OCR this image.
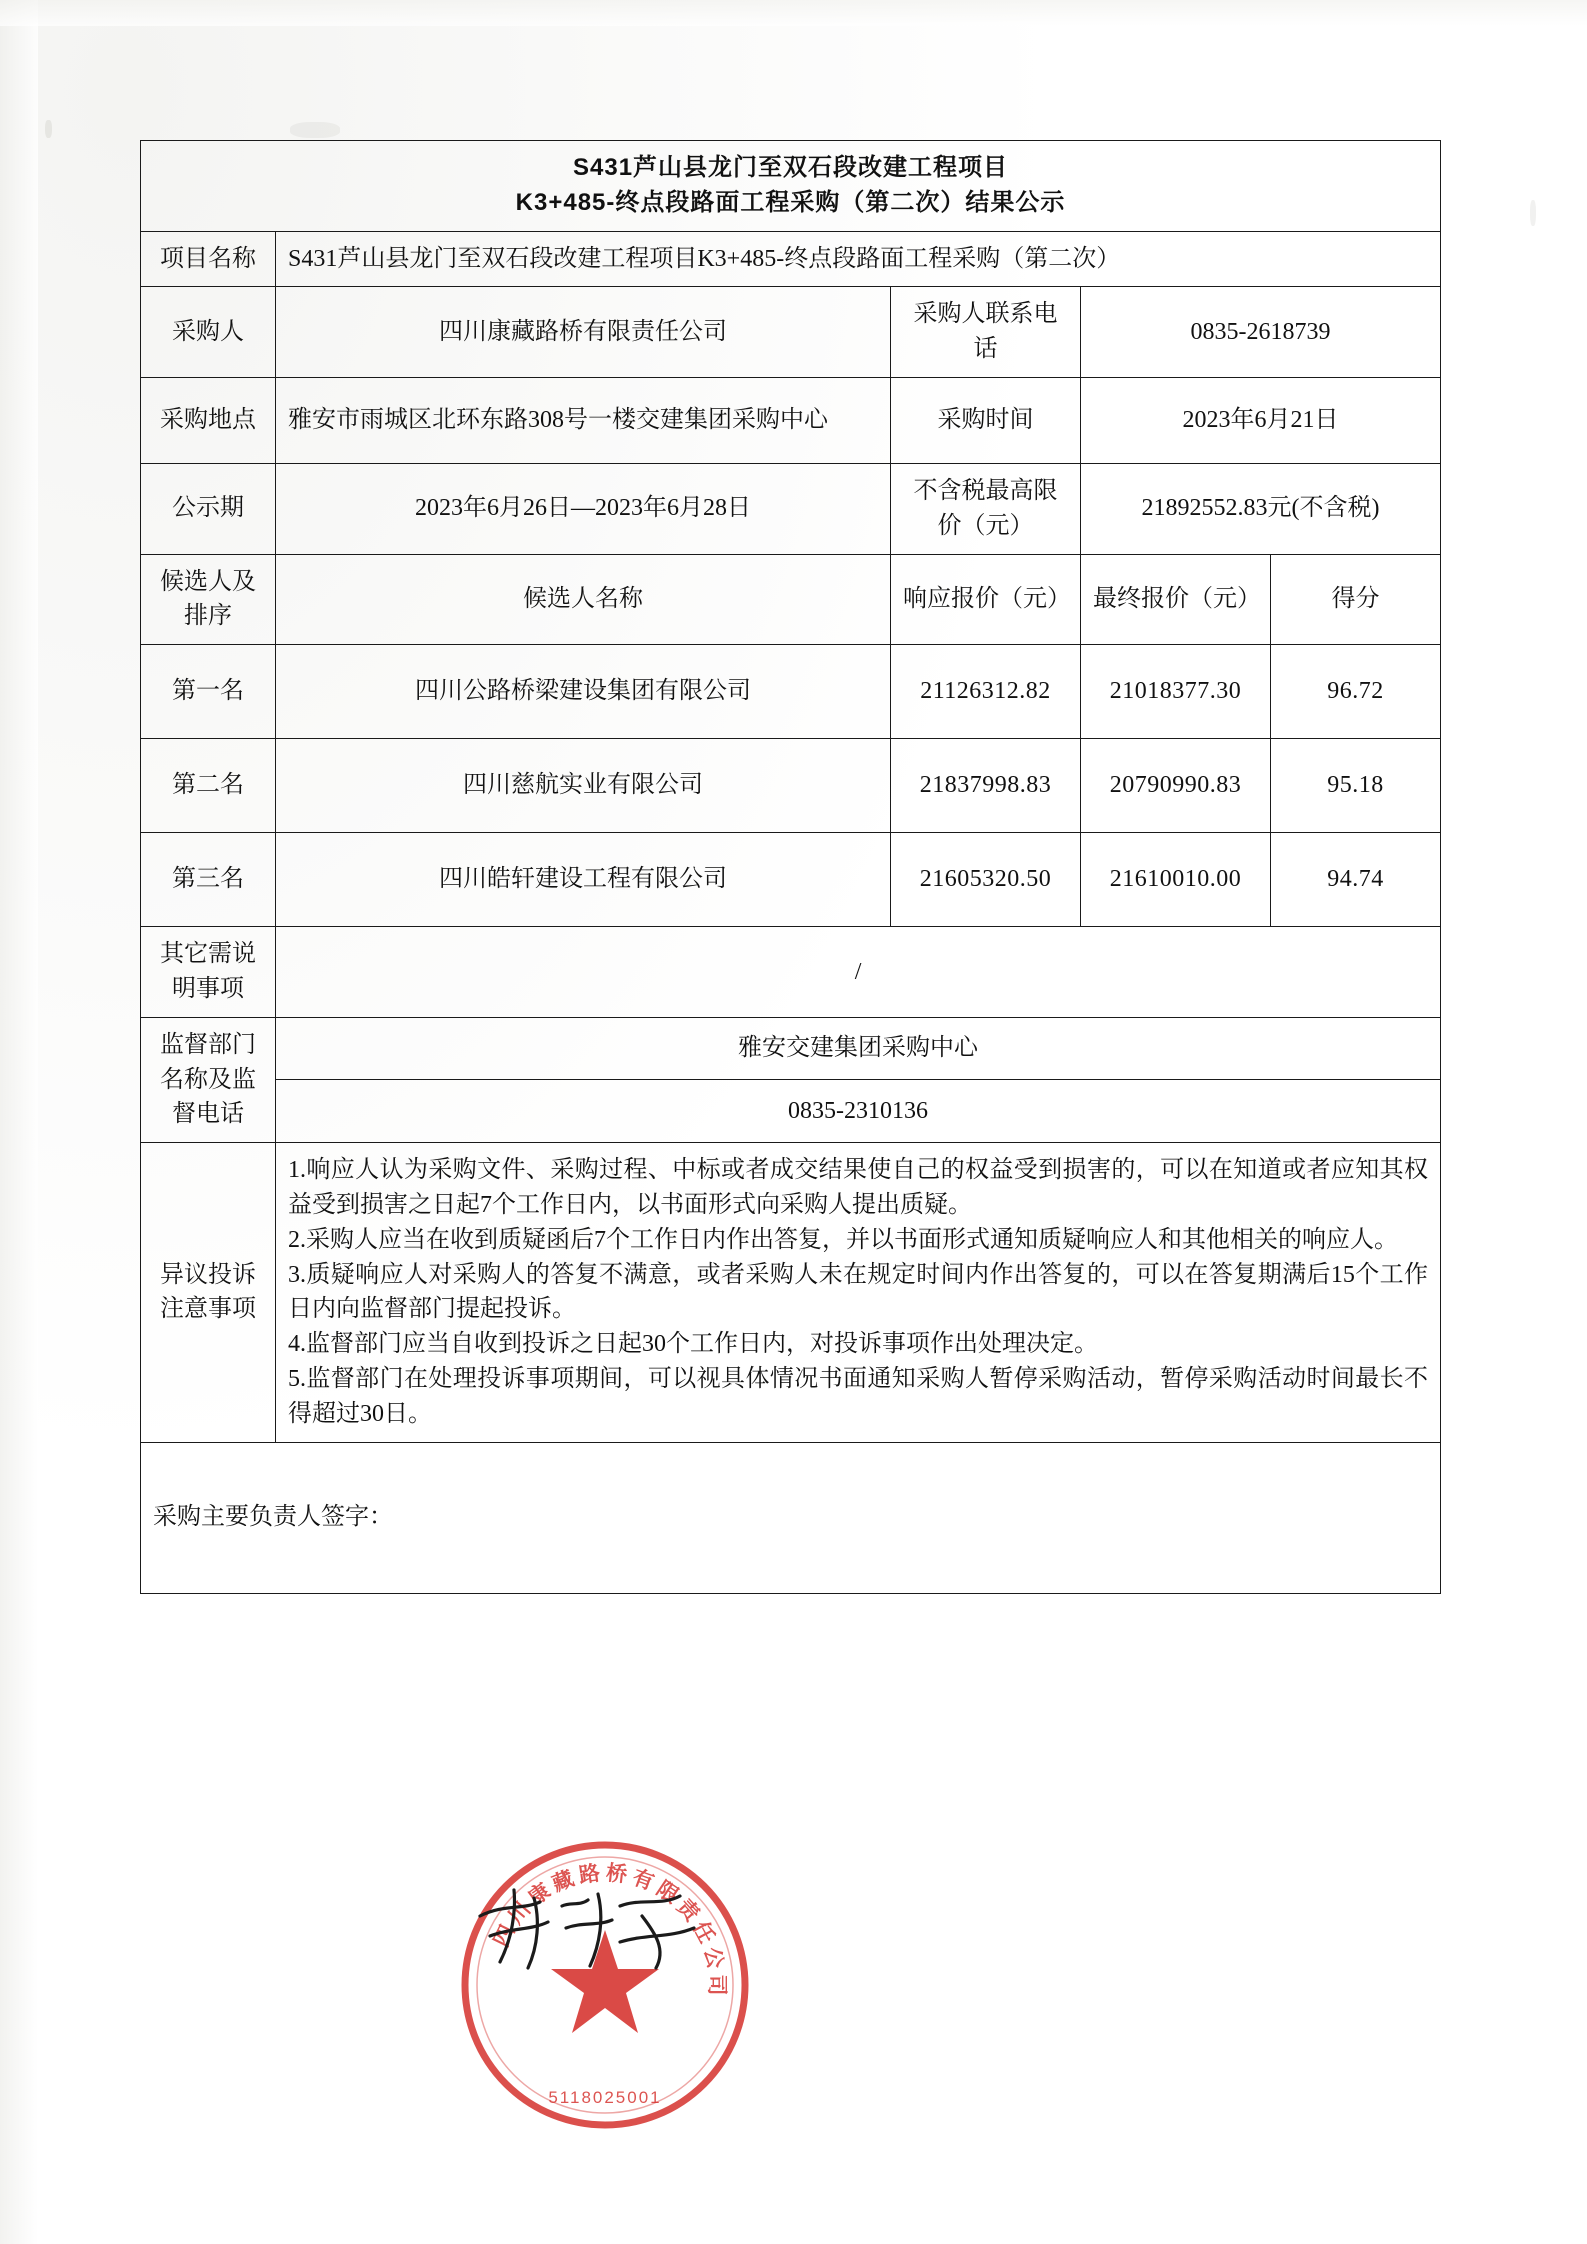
S431芦山县龙门至双石段改建工程项目
K3+485-终点段路面工程采购（第二次）结果公示				

项目名称	S431芦山县龙门至双石段改建工程项目K3+485-终点段路面工程采购（第二次）			
采购人	四川康藏路桥有限责任公司	采购人联系电话	0835-2618739	
采购地点	雅安市雨城区北环东路308号一楼交建集团采购中心	采购时间	2023年6月21日	
公示期	2023年6月26日—2023年6月28日	不含税最高限价（元）	21892552.83元(不含税)	
候选人及排序	候选人名称	响应报价（元）	最终报价（元）	得分
第一名	四川公路桥梁建设集团有限公司	21126312.82	21018377.30	96.72
第二名	四川慈航实业有限公司	21837998.83	20790990.83	95.18
第三名	四川皓轩建设工程有限公司	21605320.50	21610010.00	94.74
其它需说明事项	/			
监督部门名称及监督电话	雅安交建集团采购中心			
	0835-2310136			
异议投诉注意事项	1.响应人认为采购文件、采购过程、中标或者成交结果使自己的权益受到损害的，可以在知道或者应知其权益受到损害之日起7个工作日内，以书面形式向采购人提出质疑。

2.采购人应当在收到质疑函后7个工作日内作出答复，并以书面形式通知质疑响应人和其他相关的响应人。

3.质疑响应人对采购人的答复不满意，或者采购人未在规定时间内作出答复的，可以在答复期满后15个工作日内向监督部门提起投诉。

4.监督部门应当自收到投诉之日起30个工作日内，对投诉事项作出处理决定。

5.监督部门在处理投诉事项期间，可以视具体情况书面通知采购人暂停采购活动，暂停采购活动时间最长不得超过30日。			

采购主要负责人签字：				
四
川
康
藏 路 桥 有
限
责
任
公
司
5118025001
